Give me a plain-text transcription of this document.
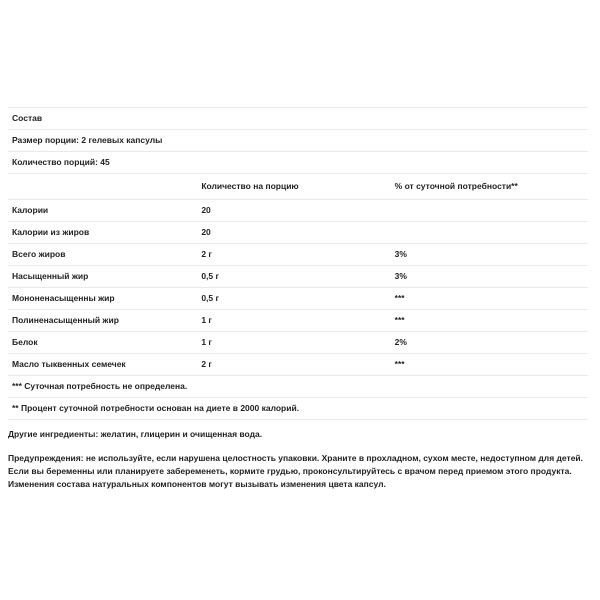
Состав		
Размер порции: 2 гелевых капсулы		
Количество порций: 45		
	Количество на порцию	% от суточной потребности**
Калории	20	
Калории из жиров	20	
Всего жиров	2 г	3%
Насыщенный жир	0,5 г	3%
Мононенасыщенны жир	0,5 г	***
Полиненасыщенный жир	1 г	***
Белок	1 г	2%
Масло тыквенных семечек	2 г	***
*** Суточная потребность не определена.		
** Процент суточной потребности основан на диете в 2000 калорий.		
Другие ингредиенты: желатин, глицерин и очищенная вода.
Предупреждения: не используйте, если нарушена целостность упаковки. Храните в прохладном, сухом месте, недоступном для детей. Если вы беременны или планируете забеременеть, кормите грудью, проконсультируйтесь с врачом перед приемом этого продукта. Изменения состава натуральных компонентов могут вызывать изменения цвета капсул.
